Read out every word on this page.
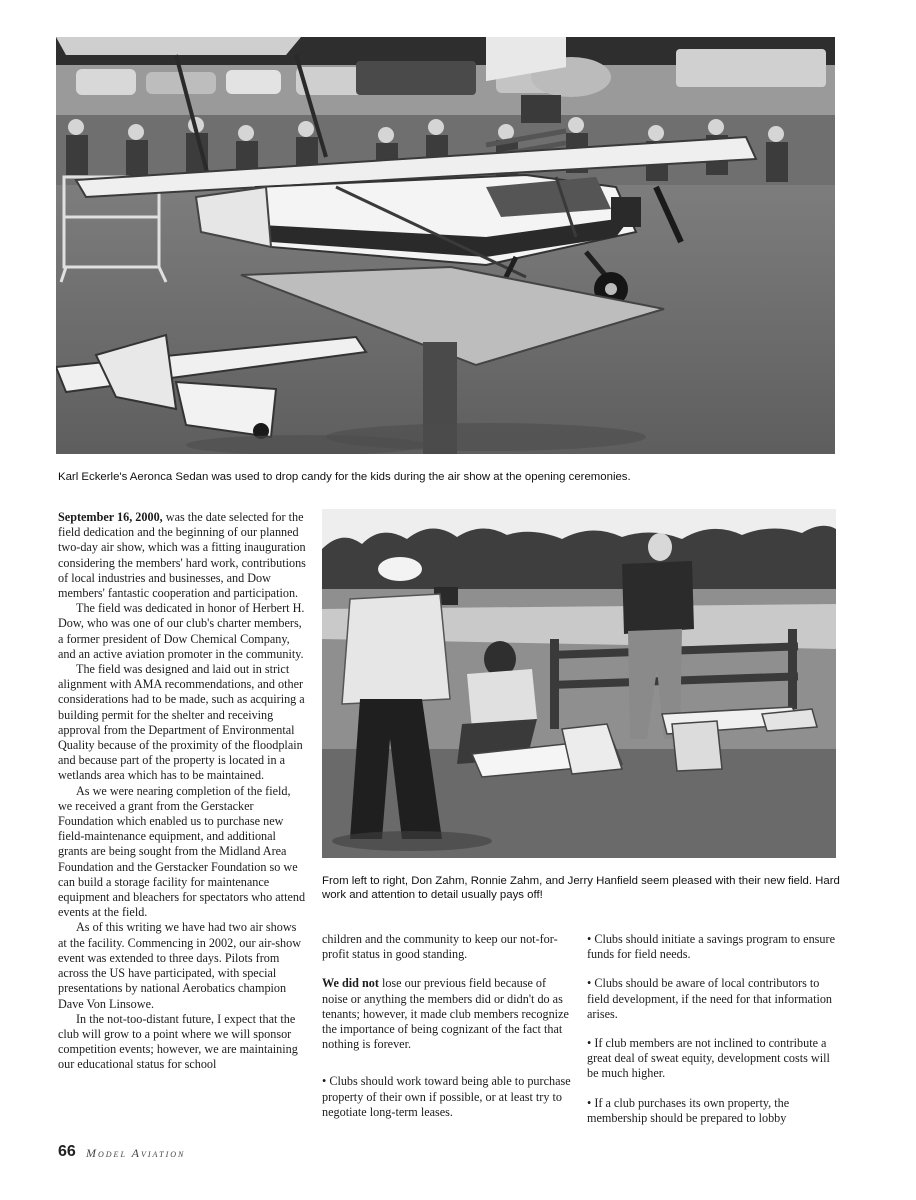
Karl Eckerle's Aeronca Sedan was used to drop candy for the kids during the air show at the opening ceremonies.
From left to right, Don Zahm, Ronnie Zahm, and Jerry Hanfield seem pleased with their new field. Hard work and attention to detail usually pays off!

September 16, 2000, was the date selected for the field dedication and the beginning of our planned two-day air show, which was a fitting inauguration considering the members' hard work, contributions of local industries and businesses, and Dow members' fantastic cooperation and participation.

The field was dedicated in honor of Herbert H. Dow, who was one of our club's charter members, a former president of Dow Chemical Company, and an active aviation promoter in the community.

The field was designed and laid out in strict alignment with AMA recommendations, and other considerations had to be made, such as acquiring a building permit for the shelter and receiving approval from the Department of Environmental Quality because of the proximity of the floodplain and because part of the property is located in a wetlands area which has to be maintained.

As we were nearing completion of the field, we received a grant from the Gerstacker Foundation which enabled us to purchase new field-maintenance equipment, and additional grants are being sought from the Midland Area Foundation and the Gerstacker Foundation so we can build a storage facility for maintenance equipment and bleachers for spectators who attend events at the field.

As of this writing we have had two air shows at the facility. Commencing in 2002, our air-show event was extended to three days. Pilots from across the US have participated, with special presentations by national Aerobatics champion Dave Von Linsowe.

In the not-too-distant future, I expect that the club will grow to a point where we will sponsor competition events; however, we are maintaining our educational status for school

children and the community to keep our not-for-profit status in good standing.

We did not lose our previous field because of noise or anything the members did or didn't do as tenants; however, it made club members recognize the importance of being cognizant of the fact that nothing is forever.

• Clubs should work toward being able to purchase property of their own if possible, or at least try to negotiate long-term leases.

• Clubs should initiate a savings program to ensure funds for field needs.

• Clubs should be aware of local contributors to field development, if the need for that information arises.

• If club members are not inclined to contribute a great deal of sweat equity, development costs will be much higher.

• If a club purchases its own property, the membership should be prepared to lobby

66 Model Aviation
